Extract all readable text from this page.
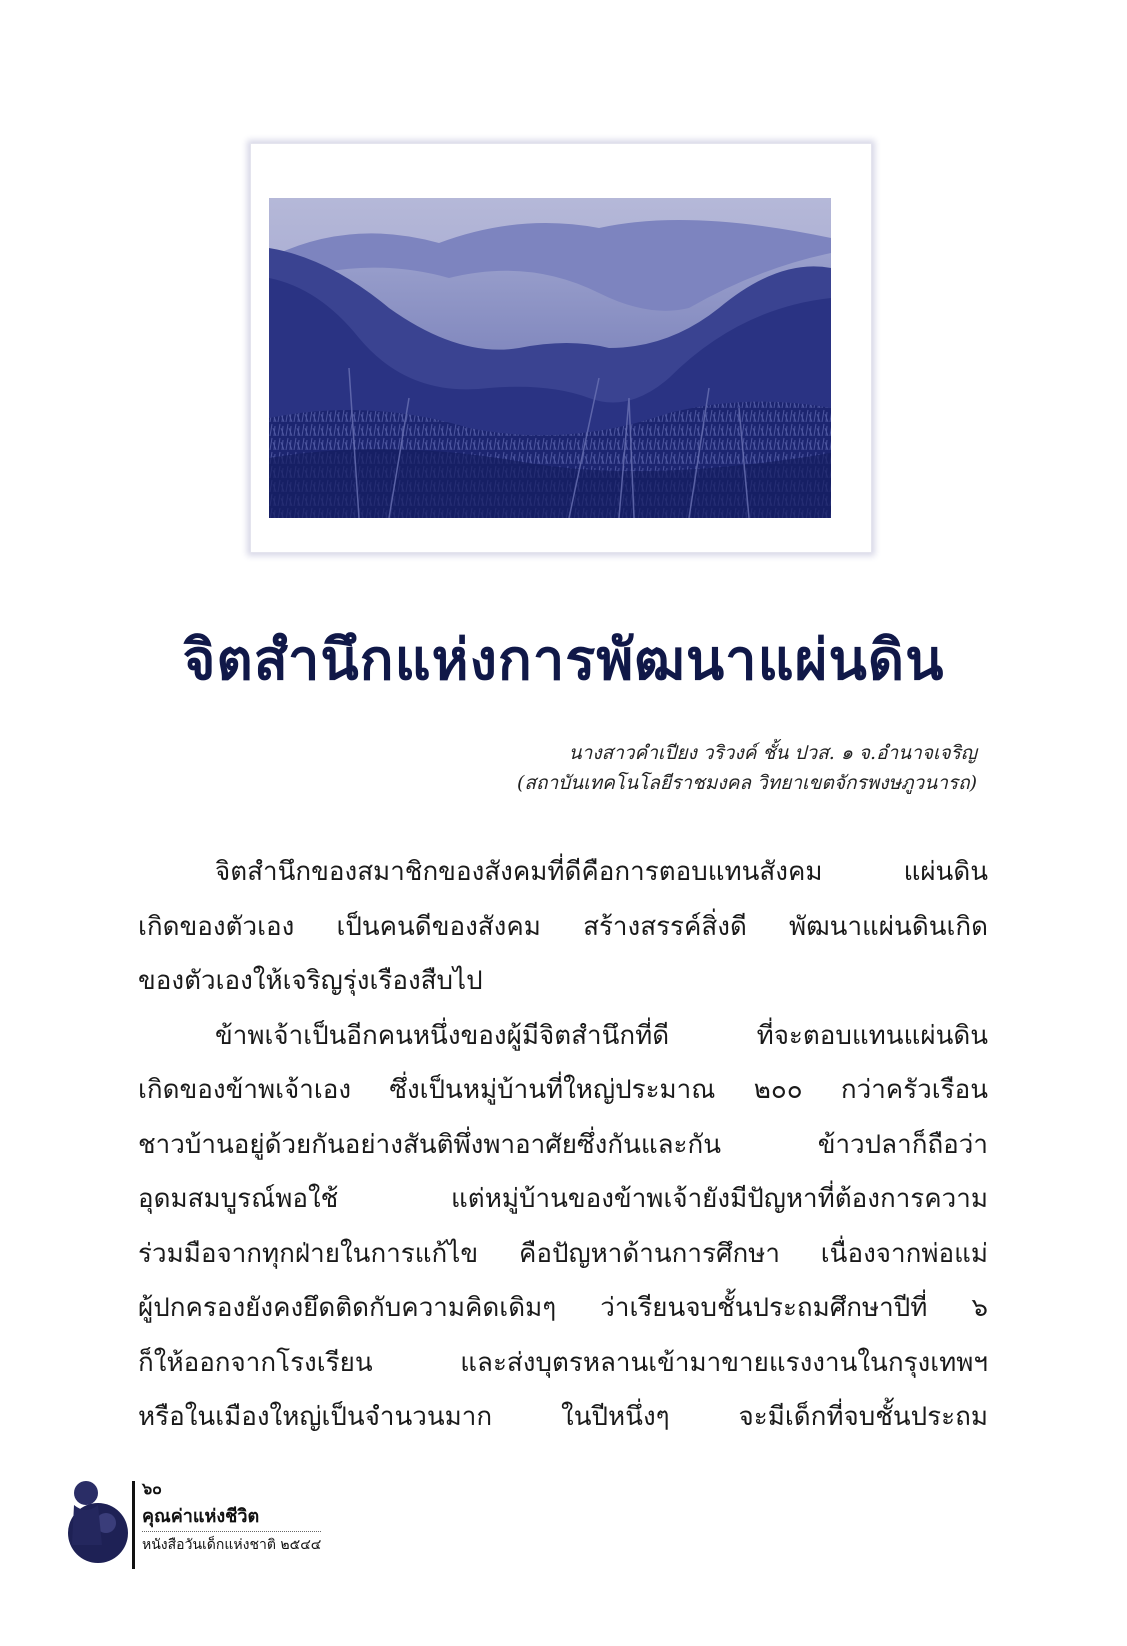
จิตสำนึกแห่งการพัฒนาแผ่นดิน
นางสาวคำเปียง วริวงค์ ชั้น ปวส. ๑ จ.อำนาจเจริญ
(สถาบันเทคโนโลยีราชมงคล วิทยาเขตจักรพงษภูวนารถ)
จิตสำนึกของสมาชิกของสังคมที่ดีคือการตอบแทนสังคม แผ่นดิน
เกิดของตัวเอง เป็นคนดีของสังคม สร้างสรรค์สิ่งดี พัฒนาแผ่นดินเกิด
ของตัวเองให้เจริญรุ่งเรืองสืบไป
ข้าพเจ้าเป็นอีกคนหนึ่งของผู้มีจิตสำนึกที่ดี ที่จะตอบแทนแผ่นดิน
เกิดของข้าพเจ้าเอง ซึ่งเป็นหมู่บ้านที่ใหญ่ประมาณ ๒๐๐ กว่าครัวเรือน
ชาวบ้านอยู่ด้วยกันอย่างสันติพึ่งพาอาศัยซึ่งกันและกัน ข้าวปลาก็ถือว่า
อุดมสมบูรณ์พอใช้ แต่หมู่บ้านของข้าพเจ้ายังมีปัญหาที่ต้องการความ
ร่วมมือจากทุกฝ่ายในการแก้ไข คือปัญหาด้านการศึกษา เนื่องจากพ่อแม่
ผู้ปกครองยังคงยึดติดกับความคิดเดิมๆ ว่าเรียนจบชั้นประถมศึกษาปีที่ ๖
ก็ให้ออกจากโรงเรียน และส่งบุตรหลานเข้ามาขายแรงงานในกรุงเทพฯ
หรือในเมืองใหญ่เป็นจำนวนมาก ในปีหนึ่งๆ จะมีเด็กที่จบชั้นประถม
๖๐
คุณค่าแห่งชีวิต
หนังสือวันเด็กแห่งชาติ ๒๕๔๔
